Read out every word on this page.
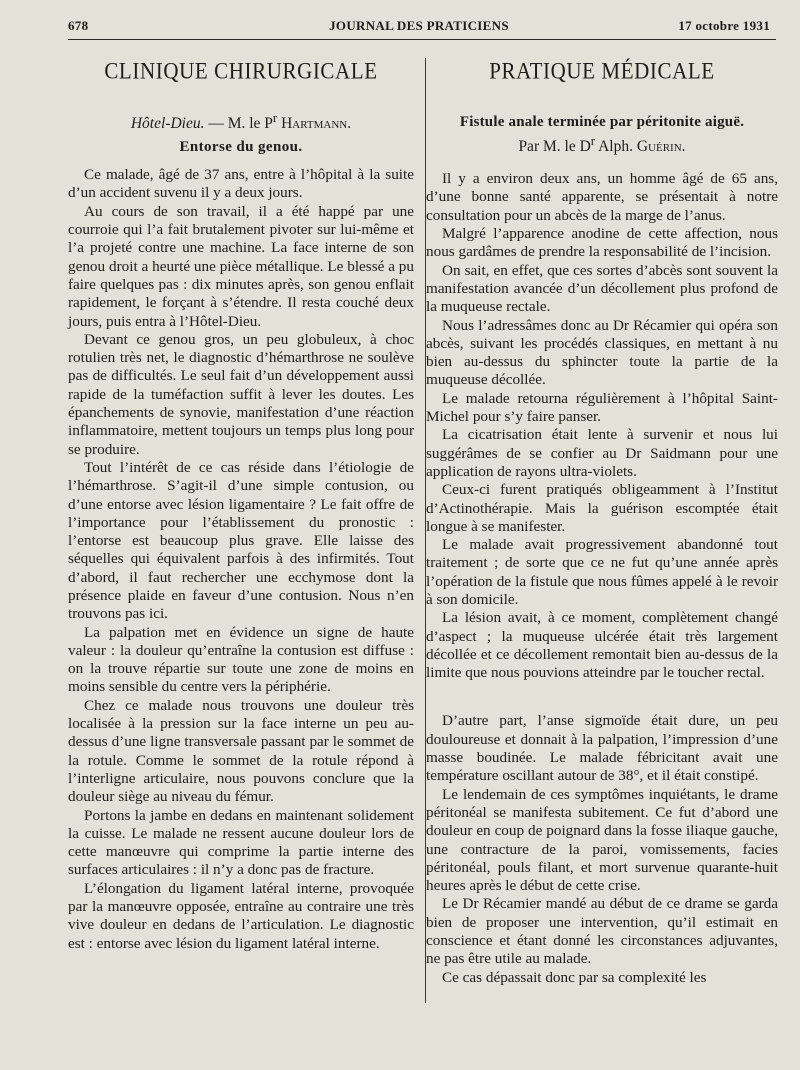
678	JOURNAL DES PRATICIENS	17 octobre 1931
CLINIQUE CHIRURGICALE
Hôtel-Dieu. — M. le $P^r$ Hartmann.
Entorse du genou.

Ce malade, âgé de 37 ans, entre à l’hôpital à la suite d’un accident suvenu il y a deux jours.

Au cours de son travail, il a été happé par une courroie qui l’a fait brutalement pivoter sur lui-même et l’a projeté contre une machine. La face interne de son genou droit a heurté une pièce métallique. Le blessé a pu faire quelques pas : dix minutes après, son genou enflait rapidement, le forçant à s’étendre. Il resta couché deux jours, puis entra à l’Hôtel-Dieu.

Devant ce genou gros, un peu globuleux, à choc rotulien très net, le diagnostic d’hémarthrose ne soulève pas de difficultés. Le seul fait d’un développement aussi rapide de la tuméfaction suffit à lever les doutes. Les épanchements de synovie, manifestation d’une réaction inflammatoire, mettent toujours un temps plus long pour se produire.

Tout l’intérêt de ce cas réside dans l’étiologie de l’hémarthrose. S’agit-il d’une simple contusion, ou d’une entorse avec lésion ligamentaire ? Le fait offre de l’importance pour l’établissement du pronostic : l’entorse est beaucoup plus grave. Elle laisse des séquelles qui équivalent parfois à des infirmités. Tout d’abord, il faut rechercher une ecchymose dont la présence plaide en faveur d’une contusion. Nous n’en trouvons pas ici.

La palpation met en évidence un signe de haute valeur : la douleur qu’entraîne la contusion est diffuse : on la trouve répartie sur toute une zone de moins en moins sensible du centre vers la périphérie.

Chez ce malade nous trouvons une douleur très localisée à la pression sur la face interne un peu au-dessus d’une ligne transversale passant par le sommet de la rotule. Comme le sommet de la rotule répond à l’interligne articulaire, nous pouvons conclure que la douleur siège au niveau du fémur.

Portons la jambe en dedans en maintenant solidement la cuisse. Le malade ne ressent aucune douleur lors de cette manœuvre qui comprime la partie interne des surfaces articulaires : il n’y a donc pas de fracture.

L’élongation du ligament latéral interne, provoquée par la manœuvre opposée, entraîne au contraire une très vive douleur en dedans de l’articulation. Le diagnostic est : entorse avec lésion du ligament latéral interne.

PRATIQUE MÉDICALE
Fistule anale terminée par péritonite aiguë.
Par M. le $D^r$ Alph. Guérin.

Il y a environ deux ans, un homme âgé de 65 ans, d’une bonne santé apparente, se présentait à notre consultation pour un abcès de la marge de l’anus.

Malgré l’apparence anodine de cette affection, nous nous gardâmes de prendre la responsabilité de l’incision.

On sait, en effet, que ces sortes d’abcès sont souvent la manifestation avancée d’un décollement plus profond de la muqueuse rectale.

Nous l’adressâmes donc au Dr Récamier qui opéra son abcès, suivant les procédés classiques, en mettant à nu bien au-dessus du sphincter toute la partie de la muqueuse décollée.

Le malade retourna régulièrement à l’hôpital Saint-Michel pour s’y faire panser.

La cicatrisation était lente à survenir et nous lui suggérâmes de se confier au Dr Saidmann pour une application de rayons ultra-violets.

Ceux-ci furent pratiqués obligeamment à l’Institut d’Actinothérapie. Mais la guérison escomptée était longue à se manifester.

Le malade avait progressivement abandonné tout traitement ; de sorte que ce ne fut qu’une année après l’opération de la fistule que nous fûmes appelé à le revoir à son domicile.

La lésion avait, à ce moment, complètement changé d’aspect ; la muqueuse ulcérée était très largement décollée et ce décollement remontait bien au-dessus de la limite que nous pouvions atteindre par le toucher rectal.

D’autre part, l’anse sigmoïde était dure, un peu douloureuse et donnait à la palpation, l’impression d’une masse boudinée. Le malade fébricitant avait une température oscillant autour de 38°, et il était constipé.

Le lendemain de ces symptômes inquiétants, le drame péritonéal se manifesta subitement. Ce fut d’abord une douleur en coup de poignard dans la fosse iliaque gauche, une contracture de la paroi, vomissements, facies péritonéal, pouls filant, et mort survenue quarante-huit heures après le début de cette crise.

Le Dr Récamier mandé au début de ce drame se garda bien de proposer une intervention, qu’il estimait en conscience et étant donné les circonstances adjuvantes, ne pas être utile au malade.

Ce cas dépassait donc par sa complexité les
